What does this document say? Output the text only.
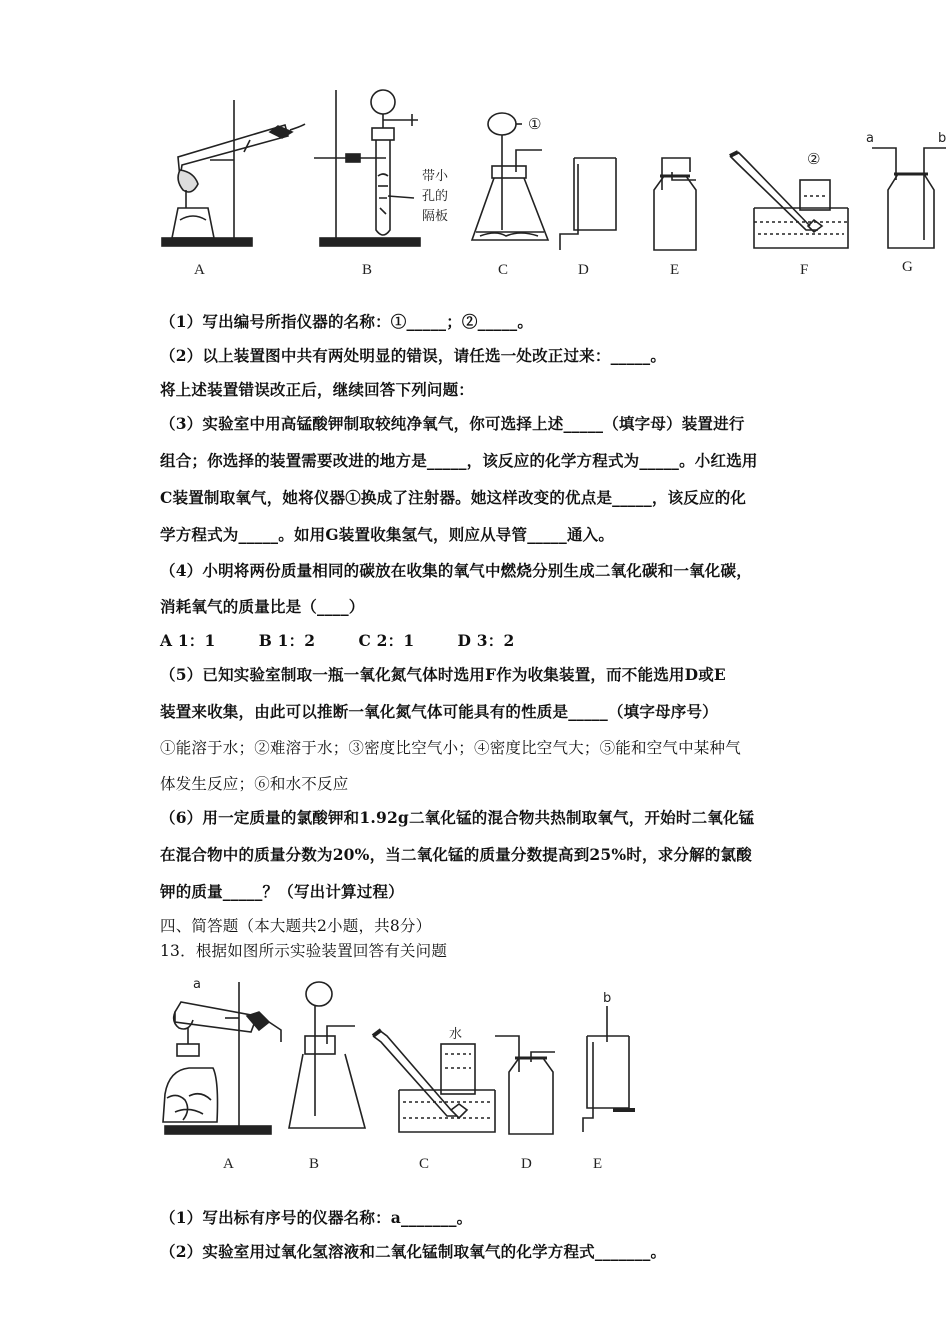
A
带小
孔的
隔板
B
①
C	D	E
②
F
a	b
G
（1）写出编号所指仪器的名称：①_____；②_____。
（2）以上装置图中共有两处明显的错误，请任选一处改正过来：_____。
将上述装置错误改正后，继续回答下列问题：
（3）实验室中用高锰酸钾制取较纯净氧气，你可选择上述_____（填字母）装置进行
组合；你选择的装置需要改进的地方是_____，该反应的化学方程式为_____。小红选用
C装置制取氧气，她将仪器①换成了注射器。她这样改变的优点是_____，该反应的化
学方程式为_____。如用G装置收集氢气，则应从导管_____通入。
（4）小明将两份质量相同的碳放在收集的氧气中燃烧分别生成二氧化碳和一氧化碳，
消耗氧气的质量比是（____）
A 1：1	B 1：2	C 2：1	D 3：2
（5）已知实验室制取一瓶一氧化氮气体时选用F作为收集装置，而不能选用D或E
装置来收集，由此可以推断一氧化氮气体可能具有的性质是_____（填字母序号）
①能溶于水；②难溶于水；③密度比空气小；④密度比空气大；⑤能和空气中某种气
体发生反应；⑥和水不反应
（6）用一定质量的氯酸钾和1.92g二氧化锰的混合物共热制取氧气，开始时二氧化锰
在混合物中的质量分数为20%，当二氧化锰的质量分数提高到25%时，求分解的氯酸
钾的质量_____？（写出计算过程）
四、简答题（本大题共2小题，共8分）
13．根据如图所示实验装置回答有关问题
a
A	B
水
C	D
b
E
（1）写出标有序号的仪器名称：a_______。
（2）实验室用过氧化氢溶液和二氧化锰制取氧气的化学方程式_______。
